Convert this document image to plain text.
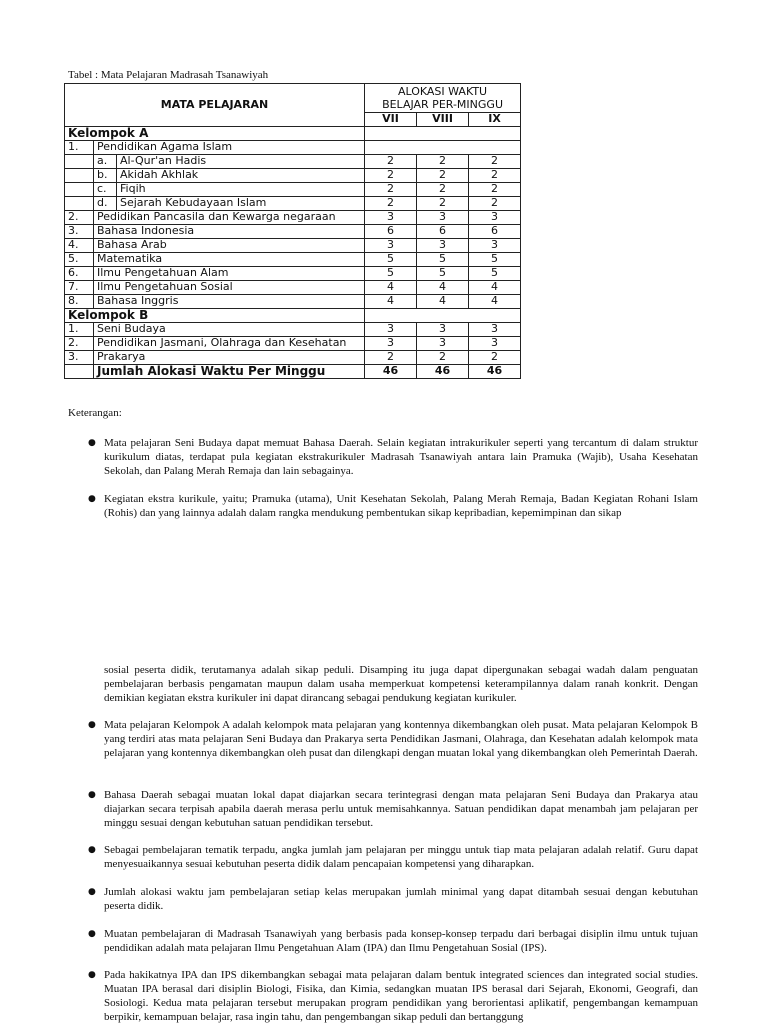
Tabel : Mata Pelajaran Madrasah Tsanawiyah
MATA PELAJARAN			ALOKASI WAKTU
BELAJAR PER-MINGGU		

			VII	VIII	IX
Kelompok A					
1.	Pendidikan Agama Islam				
	a.	Al-Qur'an Hadis	2	2	2
	b.	Akidah Akhlak	2	2	2
	c.	Fiqih	2	2	2
	d.	Sejarah Kebudayaan Islam	2	2	2
2.	Pedidikan Pancasila dan Kewarga negaraan		3	3	3
3.	Bahasa Indonesia		6	6	6
4.	Bahasa Arab		3	3	3
5.	Matematika		5	5	5
6.	Ilmu Pengetahuan Alam		5	5	5
7.	Ilmu Pengetahuan Sosial		4	4	4
8.	Bahasa Inggris		4	4	4
Kelompok B					
1.	Seni Budaya		3	3	3
2.	Pendidikan Jasmani, Olahraga dan Kesehatan		3	3	3
3.	Prakarya		2	2	2
	Jumlah Alokasi Waktu Per Minggu		46	46	46
Keterangan:
● Mata pelajaran Seni Budaya dapat memuat Bahasa Daerah. Selain kegiatan intrakurikuler seperti yang tercantum di dalam struktur kurikulum diatas, terdapat pula kegiatan ekstrakurikuler Madrasah Tsanawiyah antara lain Pramuka (Wajib), Usaha Kesehatan Sekolah, dan Palang Merah Remaja dan lain sebagainya.
● Kegiatan ekstra kurikule, yaitu; Pramuka (utama), Unit Kesehatan Sekolah, Palang Merah Remaja, Badan Kegiatan Rohani Islam (Rohis) dan yang lainnya adalah dalam rangka mendukung pembentukan sikap kepribadian, kepemimpinan dan sikap
sosial peserta didik, terutamanya adalah sikap peduli. Disamping itu juga dapat dipergunakan sebagai wadah dalam penguatan pembelajaran berbasis pengamatan maupun dalam usaha memperkuat kompetensi keterampilannya dalam ranah konkrit. Dengan demikian kegiatan ekstra kurikuler ini dapat dirancang sebagai pendukung kegiatan kurikuler.
● Mata pelajaran Kelompok A adalah kelompok mata pelajaran yang kontennya dikembangkan oleh pusat. Mata pelajaran Kelompok B yang terdiri atas mata pelajaran Seni Budaya dan Prakarya serta Pendidikan Jasmani, Olahraga, dan Kesehatan adalah kelompok mata pelajaran yang kontennya dikembangkan oleh pusat dan dilengkapi dengan muatan lokal yang dikembangkan oleh Pemerintah Daerah.
● Bahasa Daerah sebagai muatan lokal dapat diajarkan secara terintegrasi dengan mata pelajaran Seni Budaya dan Prakarya atau diajarkan secara terpisah apabila daerah merasa perlu untuk memisahkannya. Satuan pendidikan dapat menambah jam pelajaran per minggu sesuai dengan kebutuhan satuan pendidikan tersebut.
● Sebagai pembelajaran tematik terpadu, angka jumlah jam pelajaran per minggu untuk tiap mata pelajaran adalah relatif. Guru dapat menyesuaikannya sesuai kebutuhan peserta didik dalam pencapaian kompetensi yang diharapkan.
● Jumlah alokasi waktu jam pembelajaran setiap kelas merupakan jumlah minimal yang dapat ditambah sesuai dengan kebutuhan peserta didik.
● Muatan pembelajaran di Madrasah Tsanawiyah yang berbasis pada konsep-konsep terpadu dari berbagai disiplin ilmu untuk tujuan pendidikan adalah mata pelajaran Ilmu Pengetahuan Alam (IPA) dan Ilmu Pengetahuan Sosial (IPS).
● Pada hakikatnya IPA dan IPS dikembangkan sebagai mata pelajaran dalam bentuk integrated sciences dan integrated social studies. Muatan IPA berasal dari disiplin Biologi, Fisika, dan Kimia, sedangkan muatan IPS berasal dari Sejarah, Ekonomi, Geografi, dan Sosiologi. Kedua mata pelajaran tersebut merupakan program pendidikan yang berorientasi aplikatif, pengembangan kemampuan berpikir, kemampuan belajar, rasa ingin tahu, dan pengembangan sikap peduli dan bertanggung
